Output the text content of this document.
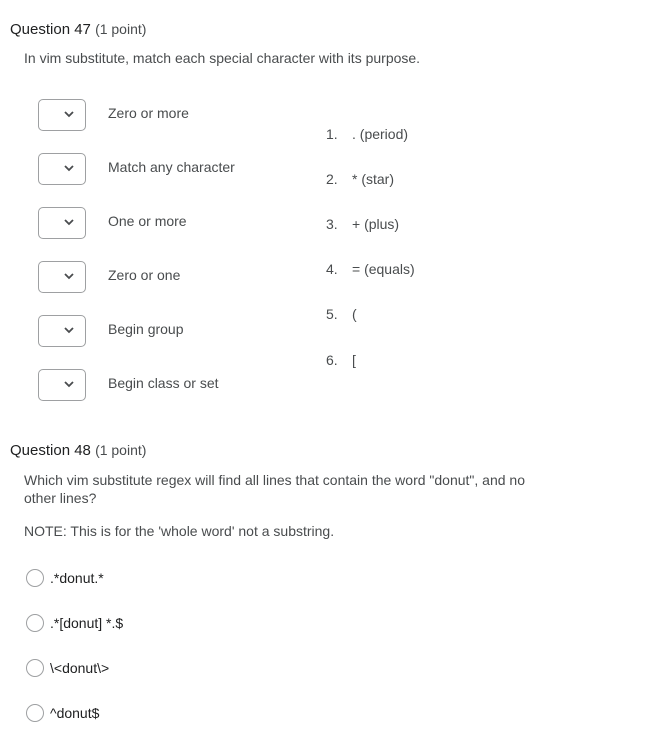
Question 47 (1 point)
In vim substitute, match each special character with its purpose.
Zero or more
Match any character
One or more
Zero or one
Begin group
Begin class or set
1. . (period)
2. * (star)
3. + (plus)
4. = (equals)
5. (
6. [
Question 48 (1 point)
Which vim substitute regex will find all lines that contain the word "donut", and no
other lines?
NOTE: This is for the 'whole word' not a substring.
.*donut.*
.*[donut] *.$
\<donut\>
^donut$
